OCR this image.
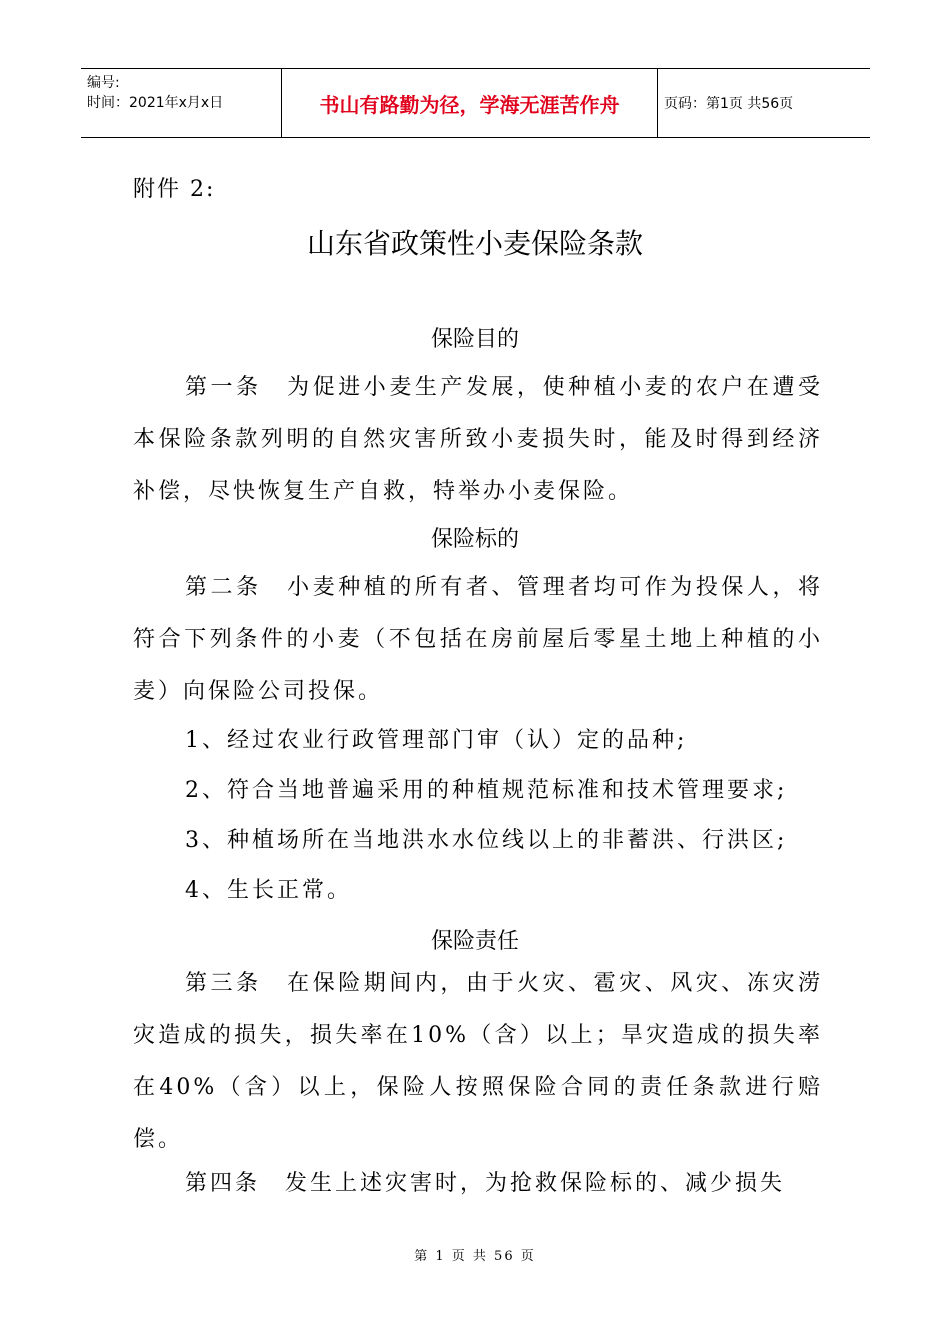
编号:
时间：2021年x月x日	书山有路勤为径，学海无涯苦作舟	页码：第1页 共56页
附件 2:
山东省政策性小麦保险条款
保险目的
第一条　为促进小麦生产发展，使种植小麦的农户在遭受本保险条款列明的自然灾害所致小麦损失时，能及时得到经济补偿，尽快恢复生产自救，特举办小麦保险。
保险标的
第二条　小麦种植的所有者、管理者均可作为投保人，将符合下列条件的小麦（不包括在房前屋后零星土地上种植的小麦）向保险公司投保。
1、经过农业行政管理部门审（认）定的品种;
2、符合当地普遍采用的种植规范标准和技术管理要求;
3、种植场所在当地洪水水位线以上的非蓄洪、行洪区;
4、生长正常。
保险责任
第三条　在保险期间内，由于火灾、雹灾、风灾、冻灾涝灾造成的损失，损失率在10%（含）以上；旱灾造成的损失率在40%（含）以上，保险人按照保险合同的责任条款进行赔偿。
第四条　发生上述灾害时，为抢救保险标的、减少损失
第 1 页 共 56 页
